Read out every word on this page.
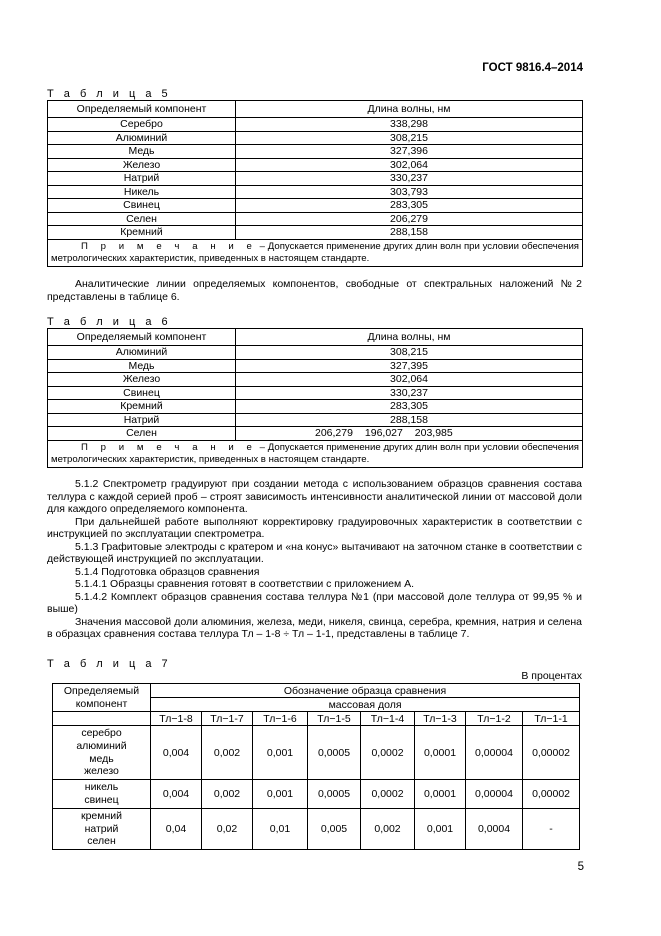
ГОСТ 9816.4–2014
Т а б л и ц а 5
Определяемый компонент	Длина волны, нм
Серебро	338,298
Алюминий	308,215
Медь	327,396
Железо	302,064
Натрий	330,237
Никель	303,793
Свинец	283,305
Селен	206,279
Кремний	288,158
П р и м е ч а н и е – Допускается применение других длин волн при условии обеспечения метрологических характеристик, приведенных в настоящем стандарте.	
Аналитические линии определяемых компонентов, свободные от спектральных наложений №2 представлены в таблице 6.
Т а б л и ц а 6
Определяемый компонент	Длина волны, нм
Алюминий	308,215
Медь	327,395
Железо	302,064
Свинец	330,237
Кремний	283,305
Натрий	288,158
Селен	206,279 196,027 203,985
П р и м е ч а н и е – Допускается применение других длин волн при условии обеспечения метрологических характеристик, приведенных в настоящем стандарте.	
5.1.2 Спектрометр градуируют при создании метода с использованием образцов сравнения состава теллура с каждой серией проб – строят зависимость интенсивности аналитической линии от массовой доли для каждого определяемого компонента.
При дальнейшей работе выполняют корректировку градуировочных характеристик в соответствии с инструкцией по эксплуатации спектрометра.
5.1.3 Графитовые электроды с кратером и «на конус» вытачивают на заточном станке в соответствии с действующей инструкцией по эксплуатации.
5.1.4 Подготовка образцов сравнения
5.1.4.1 Образцы сравнения готовят в соответствии с приложением А.
5.1.4.2 Комплект образцов сравнения состава теллура №1 (при массовой доле теллура от 99,95 % и выше)
Значения массовой доли алюминия, железа, меди, никеля, свинца, серебра, кремния, натрия и селена в образцах сравнения состава теллура Тл – 1-8 ÷ Тл – 1-1, представлены в таблице 7.
Т а б л и ц а 7
В процентах
Определяемый компонент	Обозначение образца сравнения							
	массовая доля							
	Тл−1-8	Тл−1-7	Тл−1-6	Тл−1-5	Тл−1-4	Тл−1-3	Тл−1-2	Тл−1-1

серебро
алюминий
медь
железо	0,004	0,002	0,001	0,0005	0,0002	0,0001	0,00004	0,00002

никель
свинец	0,004	0,002	0,001	0,0005	0,0002	0,0001	0,00004	0,00002

кремний
натрий
селен	0,04	0,02	0,01	0,005	0,002	0,001	0,0004	-
5
